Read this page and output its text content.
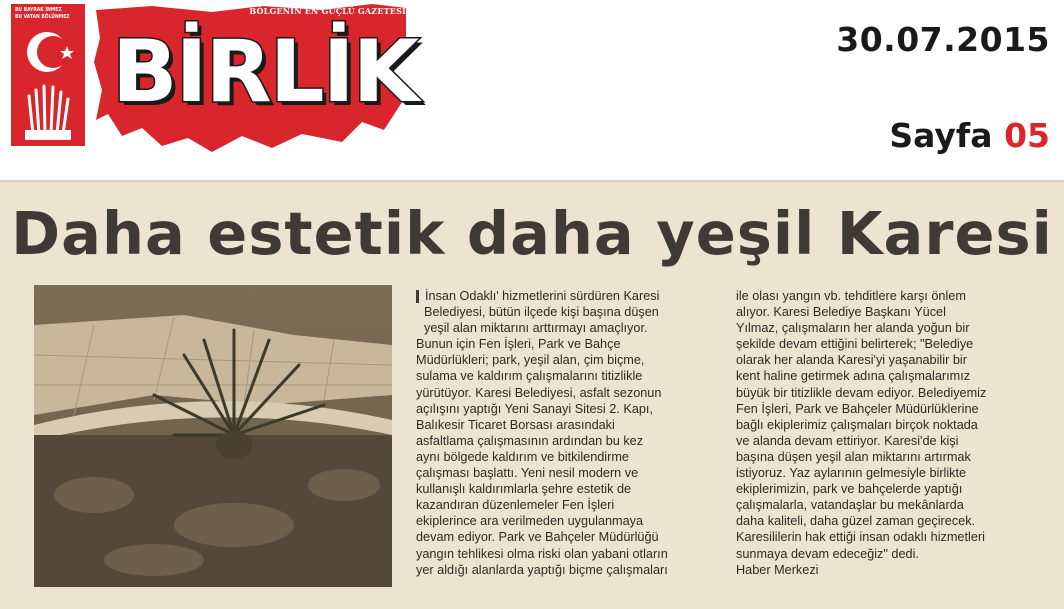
BU BAYRAK İNMEZ
BU VATAN BÖLÜNMEZ
BÖLGENİN EN GÜÇLÜ GAZETESİ
BİRLİK	30.07.2015
Sayfa 05
Daha estetik daha yeşil Karesi
İnsan Odaklı' hizmetlerini sürdüren Karesi
Belediyesi, bütün ilçede kişi başına düşen
yeşil alan miktarını arttırmayı amaçlıyor.
Bunun için Fen İşleri, Park ve Bahçe
Müdürlükleri; park, yeşil alan, çim biçme,
sulama ve kaldırım çalışmalarını titizlikle
yürütüyor. Karesi Belediyesi, asfalt sezonun
açılışını yaptığı Yeni Sanayi Sitesi 2. Kapı,
Balıkesir Ticaret Borsası arasındaki
asfaltlama çalışmasının ardından bu kez
aynı bölgede kaldırım ve bitkilendirme
çalışması başlattı. Yeni nesil modern ve
kullanışlı kaldırımlarla şehre estetik de
kazandıran düzenlemeler Fen İşleri
ekiplerince ara verilmeden uygulanmaya
devam ediyor. Park ve Bahçeler Müdürlüğü
yangın tehlikesi olma riski olan yabani otların
yer aldığı alanlarda yaptığı biçme çalışmaları
ile olası yangın vb. tehditlere karşı önlem
alıyor. Karesi Belediye Başkanı Yücel
Yılmaz, çalışmaların her alanda yoğun bir
şekilde devam ettiğini belirterek; "Belediye
olarak her alanda Karesi'yi yaşanabilir bir
kent haline getirmek adına çalışmalarımız
büyük bir titizlikle devam ediyor. Belediyemiz
Fen İşleri, Park ve Bahçeler Müdürlüklerine
bağlı ekiplerimiz çalışmaları birçok noktada
ve alanda devam ettiriyor. Karesi'de kişi
başına düşen yeşil alan miktarını artırmak
istiyoruz. Yaz aylarının gelmesiyle birlikte
ekiplerimizin, park ve bahçelerde yaptığı
çalışmalarla, vatandaşlar bu mekânlarda
daha kaliteli, daha güzel zaman geçirecek.
Karesililerin hak ettiği insan odaklı hizmetleri
sunmaya devam edeceğiz" dedi.
Haber Merkezi
